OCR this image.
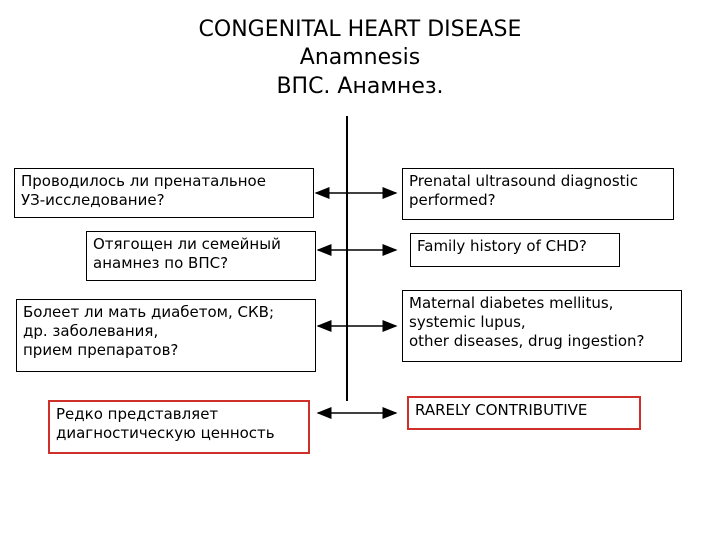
CONGENITAL HEART DISEASE
Anamnesis
ВПС. Анамнез.
Проводилось ли пренатальное
УЗ-исследование?
Отягощен ли семейный
анамнез по ВПС?
Болеет ли мать диабетом, СКВ;
др. заболевания,
прием препаратов?
Редко представляет
диагностическую ценность
Prenatal ultrasound diagnostic
performed?
Family history of CHD?
Maternal diabetes mellitus,
systemic lupus,
other diseases, drug ingestion?
RARELY CONTRIBUTIVE
